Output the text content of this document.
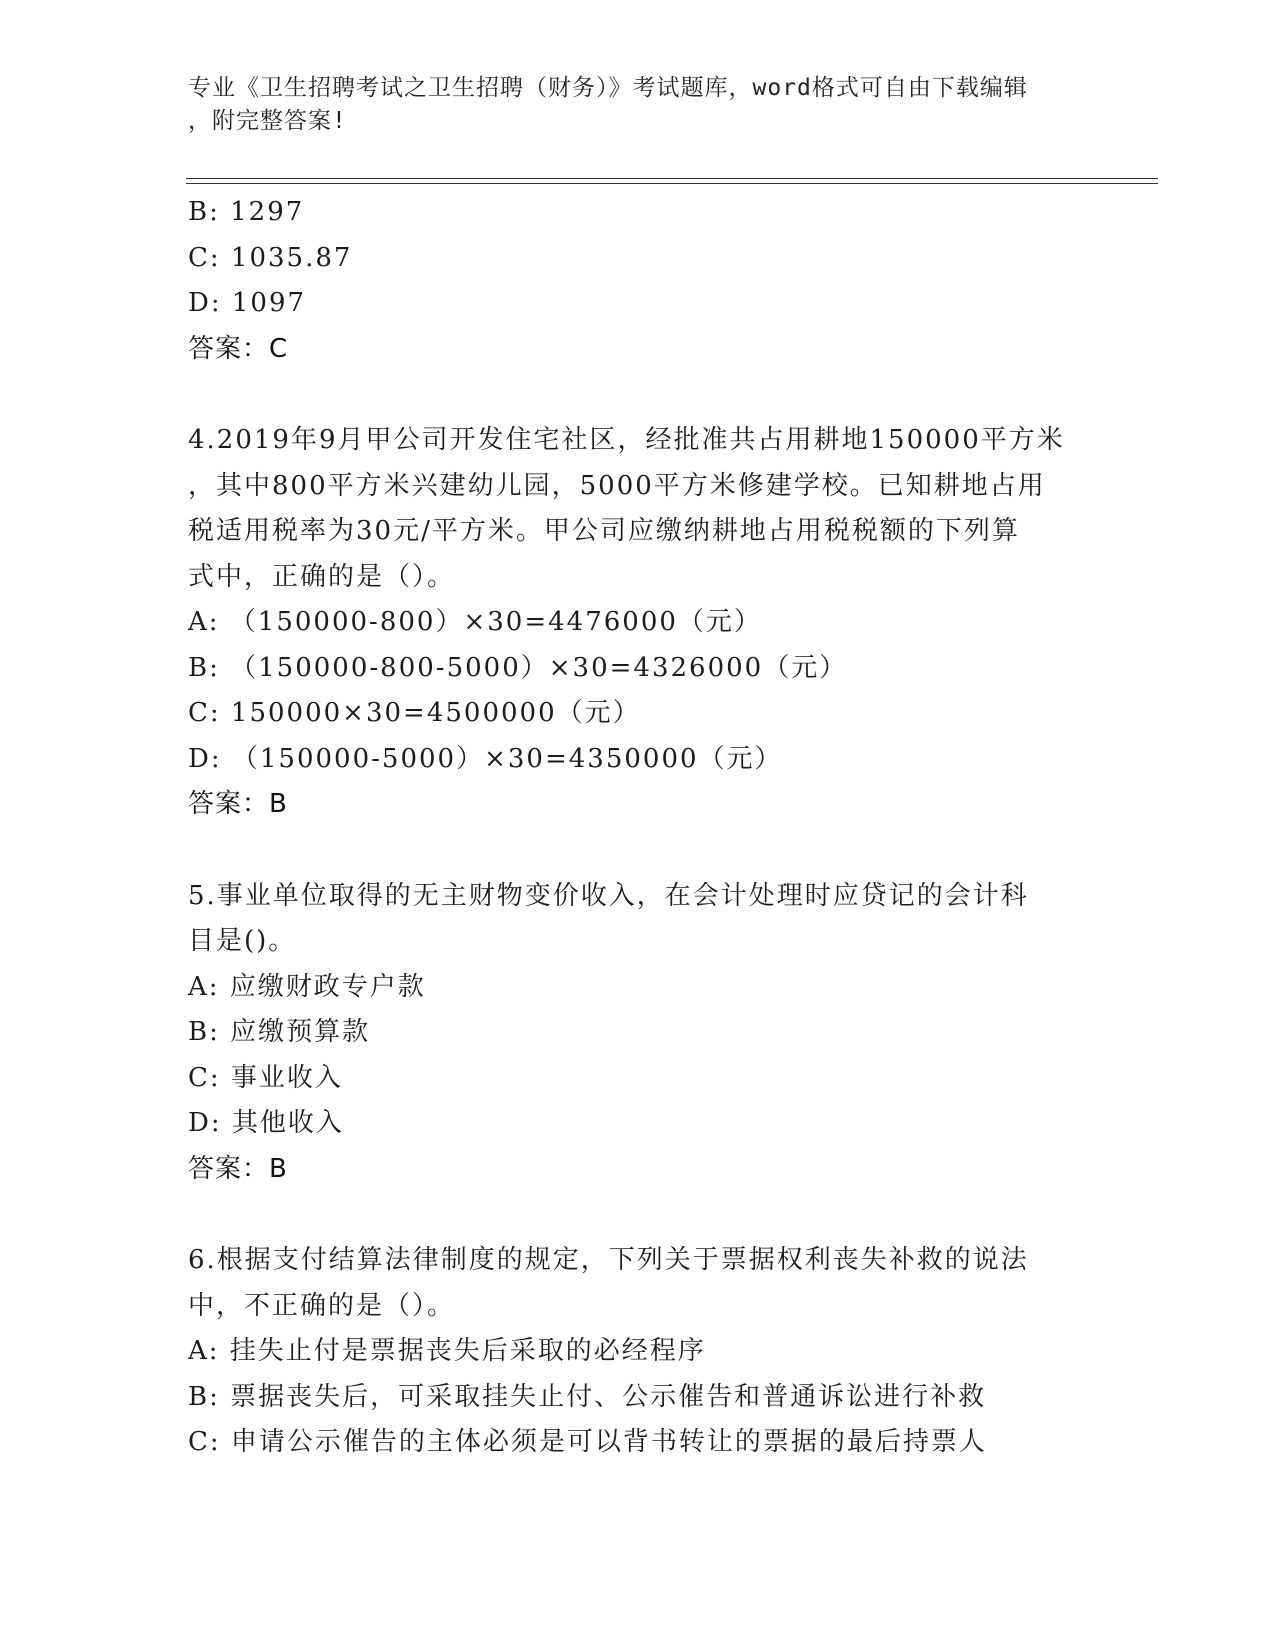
专业《卫生招聘考试之卫生招聘（财务）》考试题库，word格式可自由下载编辑
，附完整答案!
B: 1297
C: 1035.87
D: 1097
答案：C
4.2019年9月甲公司开发住宅社区，经批准共占用耕地150000平方米
，其中800平方米兴建幼儿园，5000平方米修建学校。已知耕地占用
税适用税率为30元/平方米。甲公司应缴纳耕地占用税税额的下列算
式中，正确的是（）。
A: （150000-800）×30=4476000（元）
B: （150000-800-5000）×30=4326000（元）
C: 150000×30=4500000（元）
D: （150000-5000）×30=4350000（元）
答案：B
5.事业单位取得的无主财物变价收入，在会计处理时应贷记的会计科
目是()。
A: 应缴财政专户款
B: 应缴预算款
C: 事业收入
D: 其他收入
答案：B
6.根据支付结算法律制度的规定，下列关于票据权利丧失补救的说法
中，不正确的是（）。
A: 挂失止付是票据丧失后采取的必经程序
B: 票据丧失后，可采取挂失止付、公示催告和普通诉讼进行补救
C: 申请公示催告的主体必须是可以背书转让的票据的最后持票人
